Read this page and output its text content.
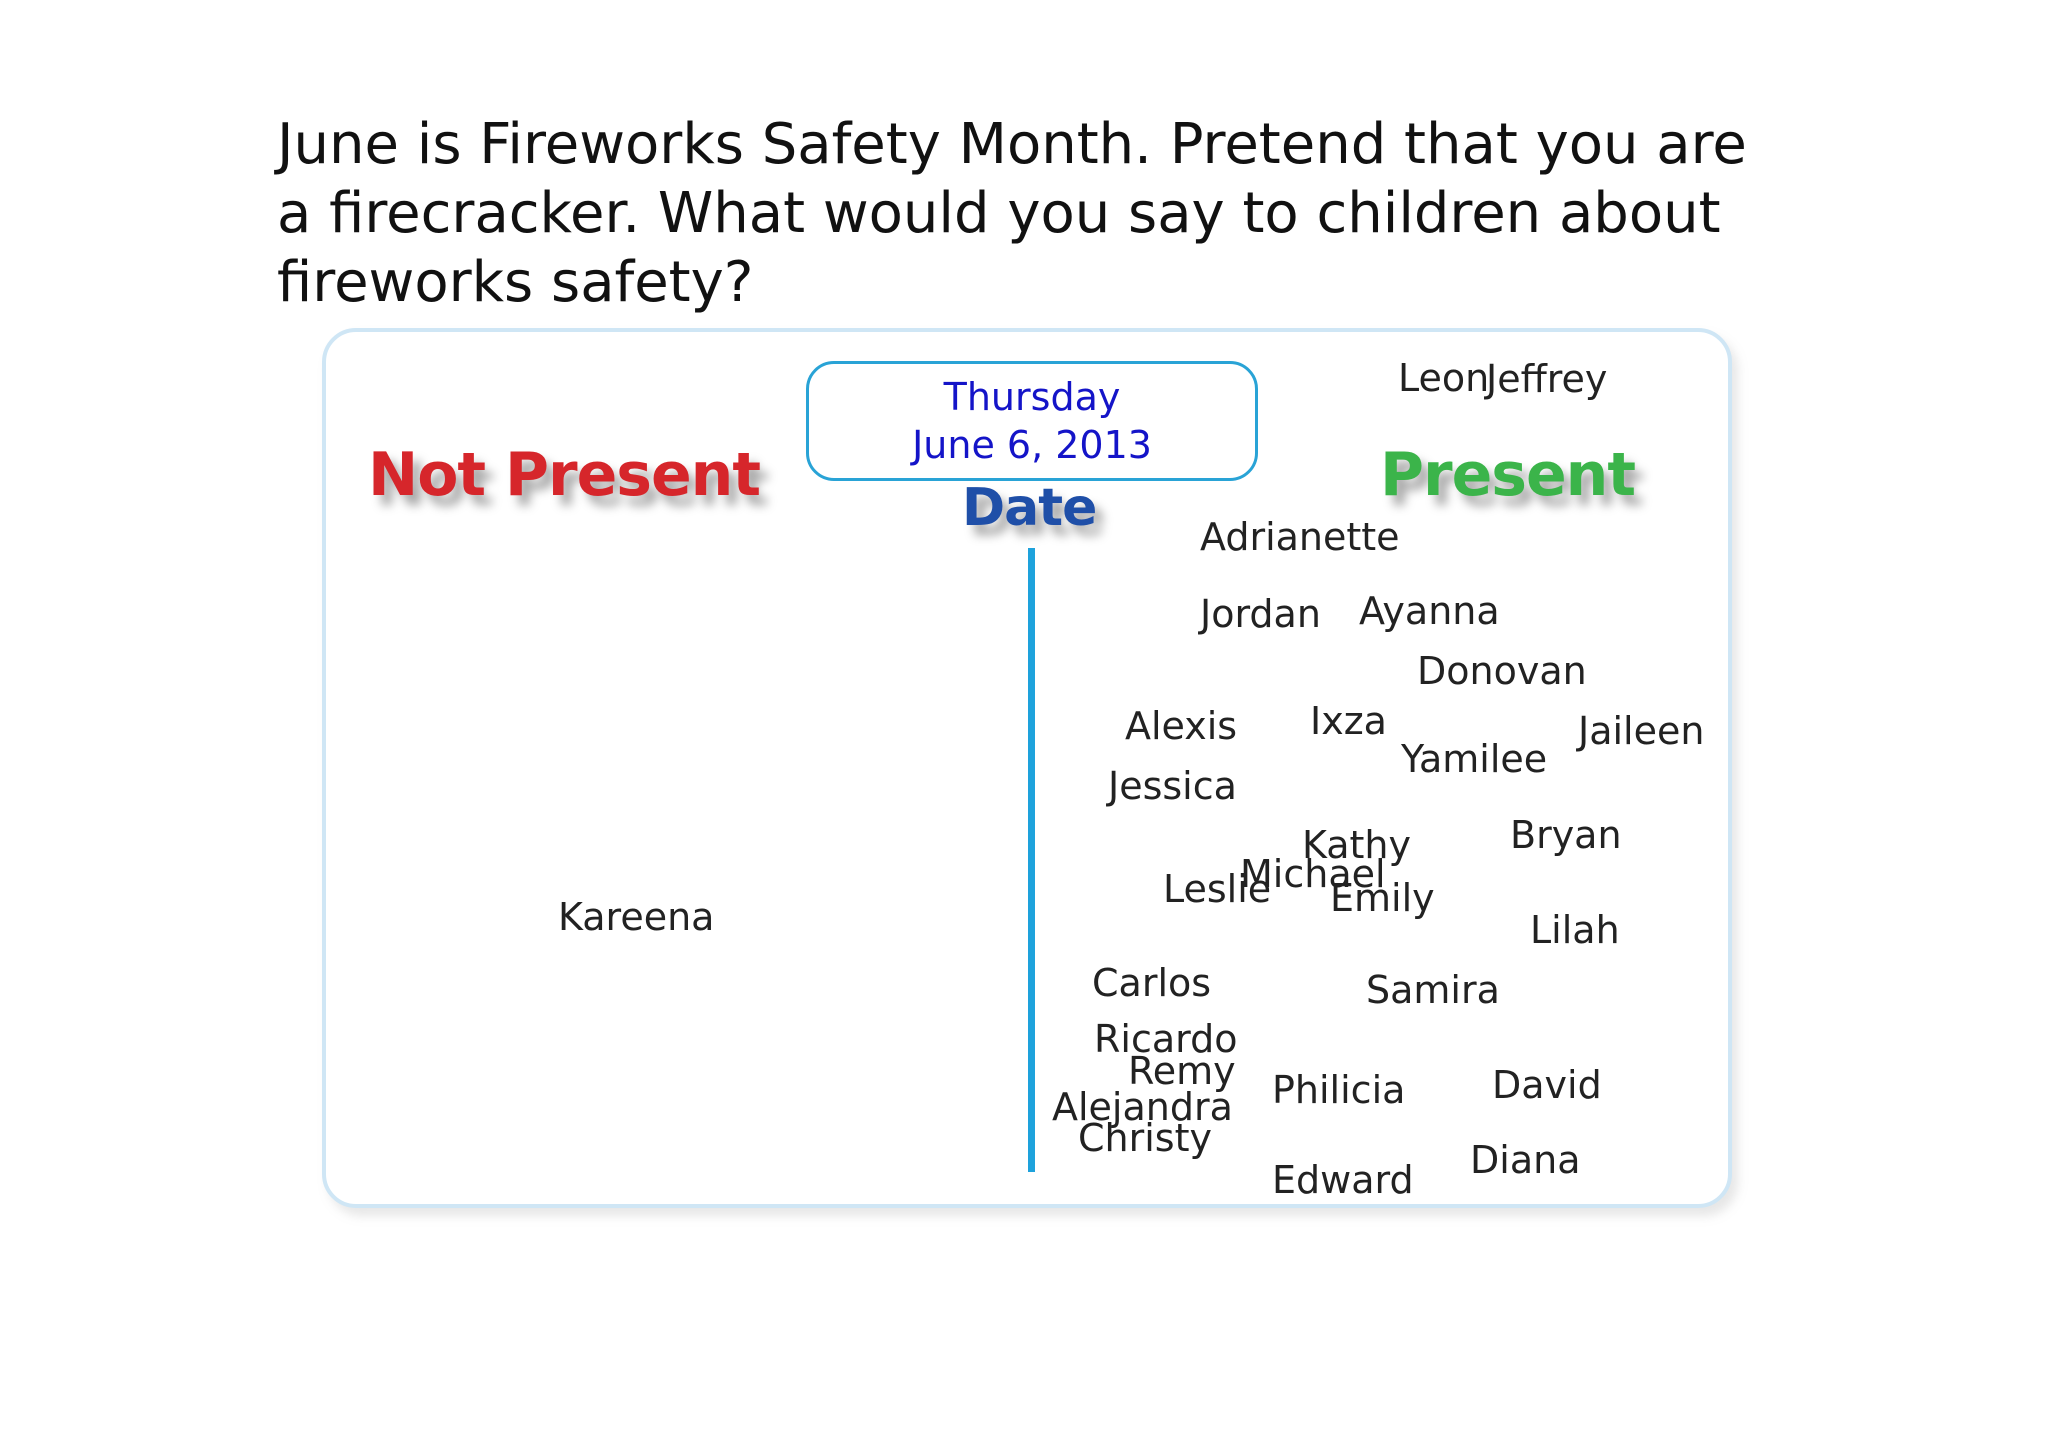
June is Fireworks Safety Month. Pretend that you are a firecracker. What would you say to children about fireworks safety?

Thursday
June 6, 2013
Not Present	Present
Date
Kareena
Leon
Jeffrey
Adrianette
Jordan Ayanna
Donovan
Alexis Ixza
Yamilee
Jaileen
Jessica
Kathy
Michael
Leslie Emily
Bryan
Lilah
Carlos	Samira
Ricardo
Remy Philicia David
Alejandra
Christy	Diana
Edward
